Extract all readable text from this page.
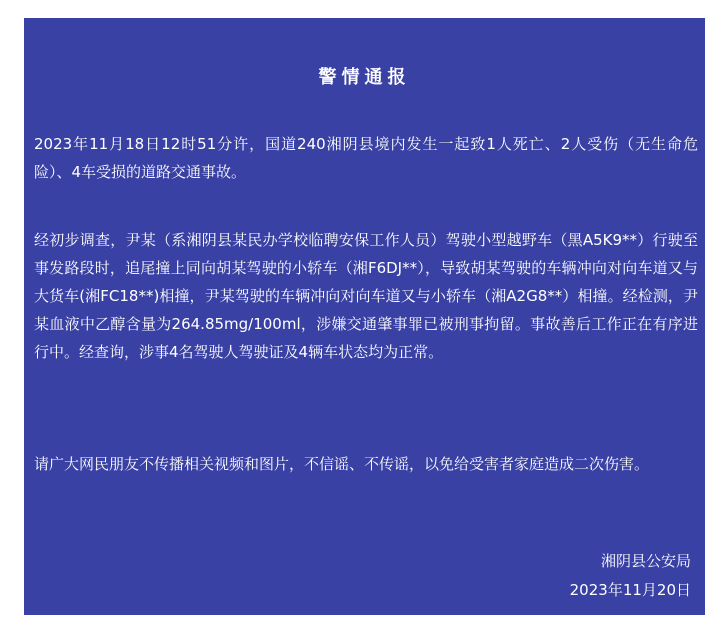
警情通报

2023年11月18日12时51分许，国道240湘阴县境内发生一起致1人死亡、2人受伤（无生命危险）、4车受损的道路交通事故。

经初步调查，尹某（系湘阴县某民办学校临聘安保工作人员）驾驶小型越野车（黑A5K9**）行驶至事发路段时，追尾撞上同向胡某驾驶的小轿车（湘F6DJ**），导致胡某驾驶的车辆冲向对向车道又与大货车(湘FC18**)相撞，尹某驾驶的车辆冲向对向车道又与小轿车（湘A2G8**）相撞。经检测，尹某血液中乙醇含量为264.85mg/100ml，涉嫌交通肇事罪已被刑事拘留。事故善后工作正在有序进行中。经查询，涉事4名驾驶人驾驶证及4辆车状态均为正常。

请广大网民朋友不传播相关视频和图片，不信谣、不传谣，以免给受害者家庭造成二次伤害。

湘阴县公安局
2023年11月20日
